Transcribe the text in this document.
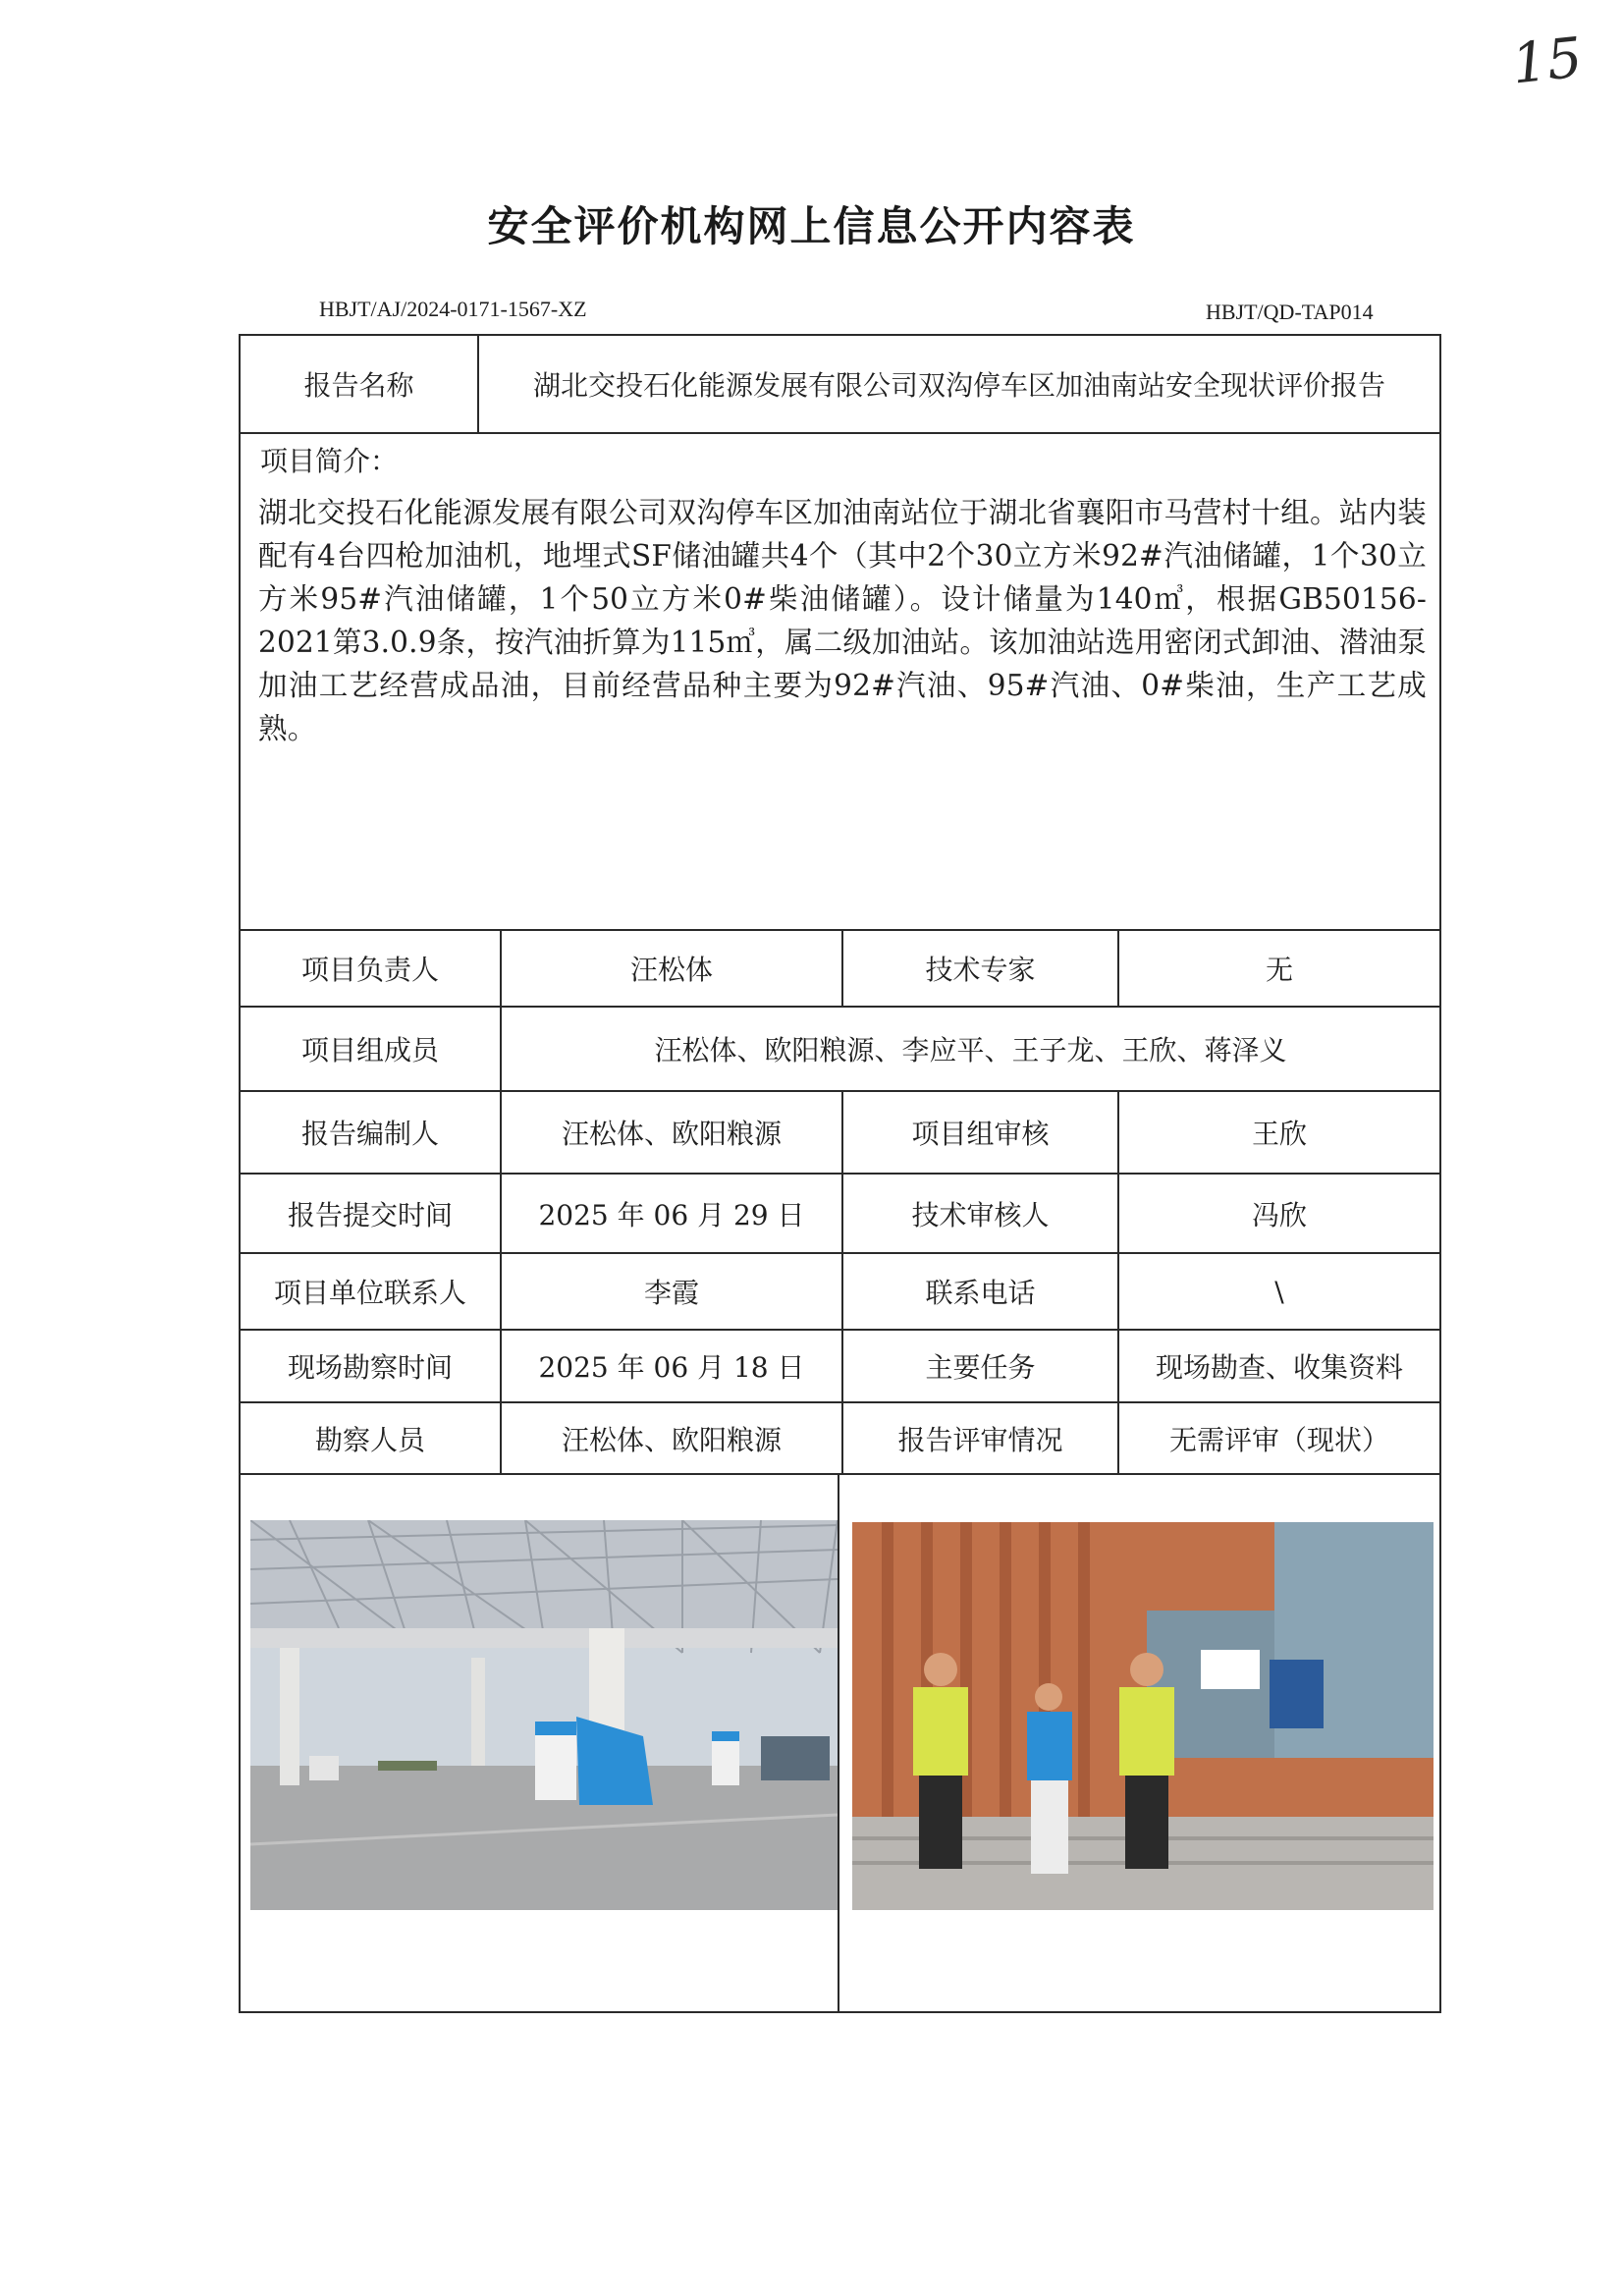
15
安全评价机构网上信息公开内容表
HBJT/AJ/2024-0171-1567-XZ	HBJT/QD-TAP014
报告名称	湖北交投石化能源发展有限公司双沟停车区加油南站安全现状评价报告
项目简介：
湖北交投石化能源发展有限公司双沟停车区加油南站位于湖北省襄阳市马营村十组。站内装配有4台四枪加油机，地埋式SF储油罐共4个（其中2个30立方米92#汽油储罐，1个30立方米95#汽油储罐，1个50立方米0#柴油储罐）。设计储量为140㎥，根据GB50156-2021第3.0.9条，按汽油折算为115㎥，属二级加油站。该加油站选用密闭式卸油、潜油泵加油工艺经营成品油，目前经营品种主要为92#汽油、95#汽油、0#柴油，生产工艺成熟。
项目负责人	汪松体	技术专家	无
项目组成员	汪松体、欧阳粮源、李应平、王子龙、王欣、蒋泽义
报告编制人	汪松体、欧阳粮源	项目组审核	王欣
报告提交时间	2025 年 06 月 29 日	技术审核人	冯欣
项目单位联系人	李霞	联系电话	\
现场勘察时间	2025 年 06 月 18 日	主要任务	现场勘查、收集资料
勘察人员	汪松体、欧阳粮源	报告评审情况	无需评审（现状）
